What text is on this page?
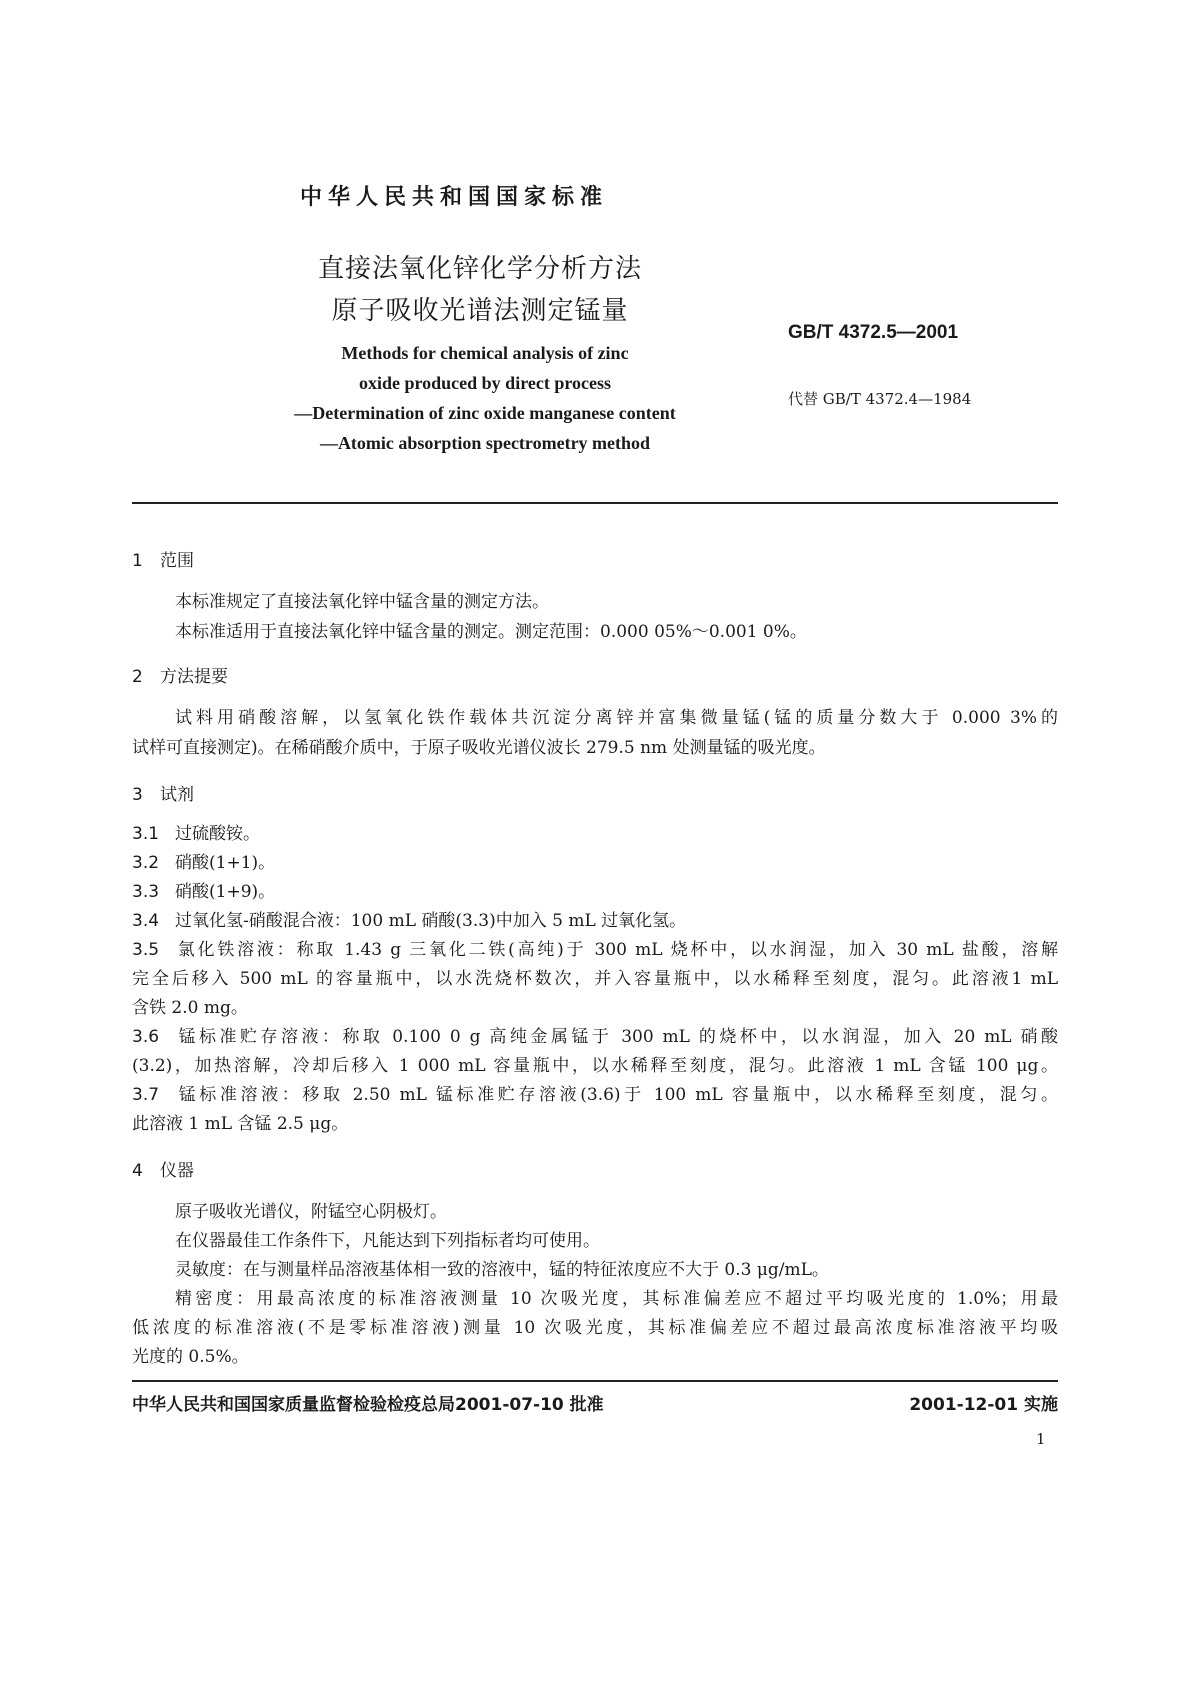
中华人民共和国国家标准
直接法氧化锌化学分析方法
原子吸收光谱法测定锰量
GB/T 4372.5—2001
代替 GB/T 4372.4—1984
Methods for chemical analysis of zinc
oxide produced by direct process
—Determination of zinc oxide manganese content
—Atomic absorption spectrometry method
1 范围
本标准规定了直接法氧化锌中锰含量的测定方法。
本标准适用于直接法氧化锌中锰含量的测定。测定范围：0.000 05%～0.001 0%。
2 方法提要
试料用硝酸溶解，以氢氧化铁作载体共沉淀分离锌并富集微量锰(锰的质量分数大于 0.000 3%的
试样可直接测定)。在稀硝酸介质中，于原子吸收光谱仪波长 279.5 nm 处测量锰的吸光度。
3 试剂
3.1 过硫酸铵。
3.2 硝酸(1+1)。
3.3 硝酸(1+9)。
3.4 过氧化氢-硝酸混合液：100 mL 硝酸(3.3)中加入 5 mL 过氧化氢。
3.5 氯化铁溶液：称取 1.43 g 三氧化二铁(高纯)于 300 mL 烧杯中，以水润湿，加入 30 mL 盐酸，溶解
完全后移入 500 mL 的容量瓶中，以水洗烧杯数次，并入容量瓶中，以水稀释至刻度，混匀。此溶液1 mL
含铁 2.0 mg。
3.6 锰标准贮存溶液：称取 0.100 0 g 高纯金属锰于 300 mL 的烧杯中，以水润湿，加入 20 mL 硝酸
(3.2)，加热溶解，冷却后移入 1 000 mL 容量瓶中，以水稀释至刻度，混匀。此溶液 1 mL 含锰 100 μg。
3.7 锰标准溶液：移取 2.50 mL 锰标准贮存溶液(3.6)于 100 mL 容量瓶中，以水稀释至刻度，混匀。
此溶液 1 mL 含锰 2.5 μg。
4 仪器
原子吸收光谱仪，附锰空心阴极灯。
在仪器最佳工作条件下，凡能达到下列指标者均可使用。
灵敏度：在与测量样品溶液基体相一致的溶液中，锰的特征浓度应不大于 0.3 μg/mL。
精密度：用最高浓度的标准溶液测量 10 次吸光度，其标准偏差应不超过平均吸光度的 1.0%；用最
低浓度的标准溶液(不是零标准溶液)测量 10 次吸光度，其标准偏差应不超过最高浓度标准溶液平均吸
光度的 0.5%。
中华人民共和国国家质量监督检验检疫总局2001-07-10 批准	2001-12-01 实施
1
